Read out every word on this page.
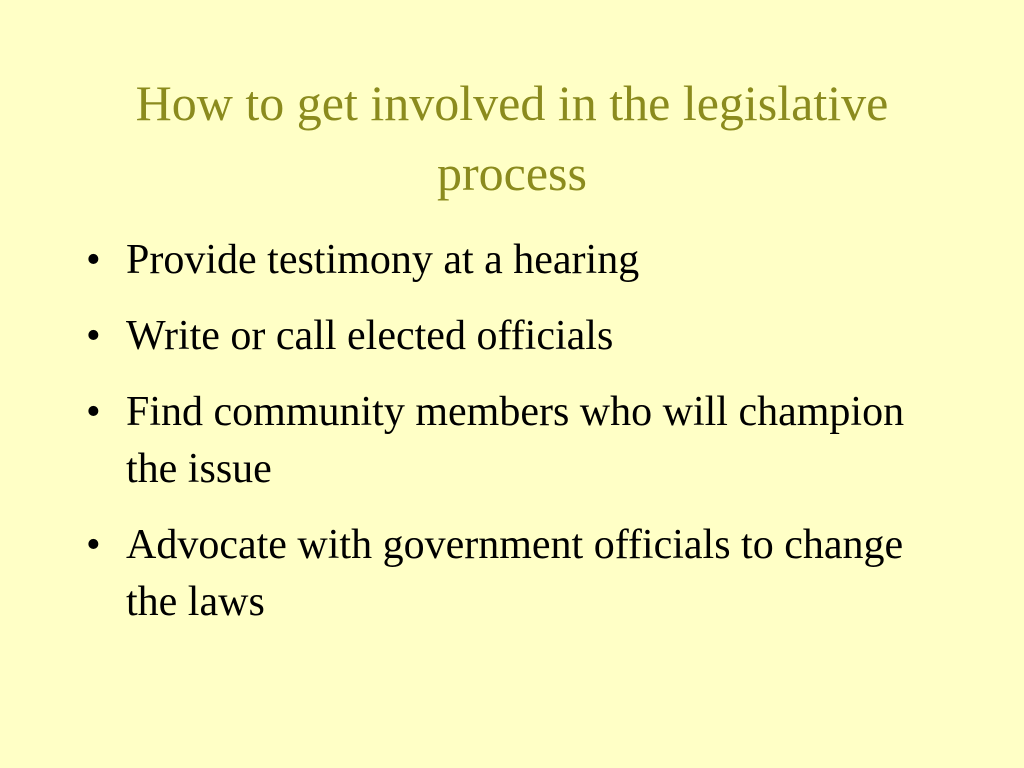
How to get involved in the legislative process
• Provide testimony at a hearing
• Write or call elected officials
• Find community members who will champion the issue
• Advocate with government officials to change the laws
